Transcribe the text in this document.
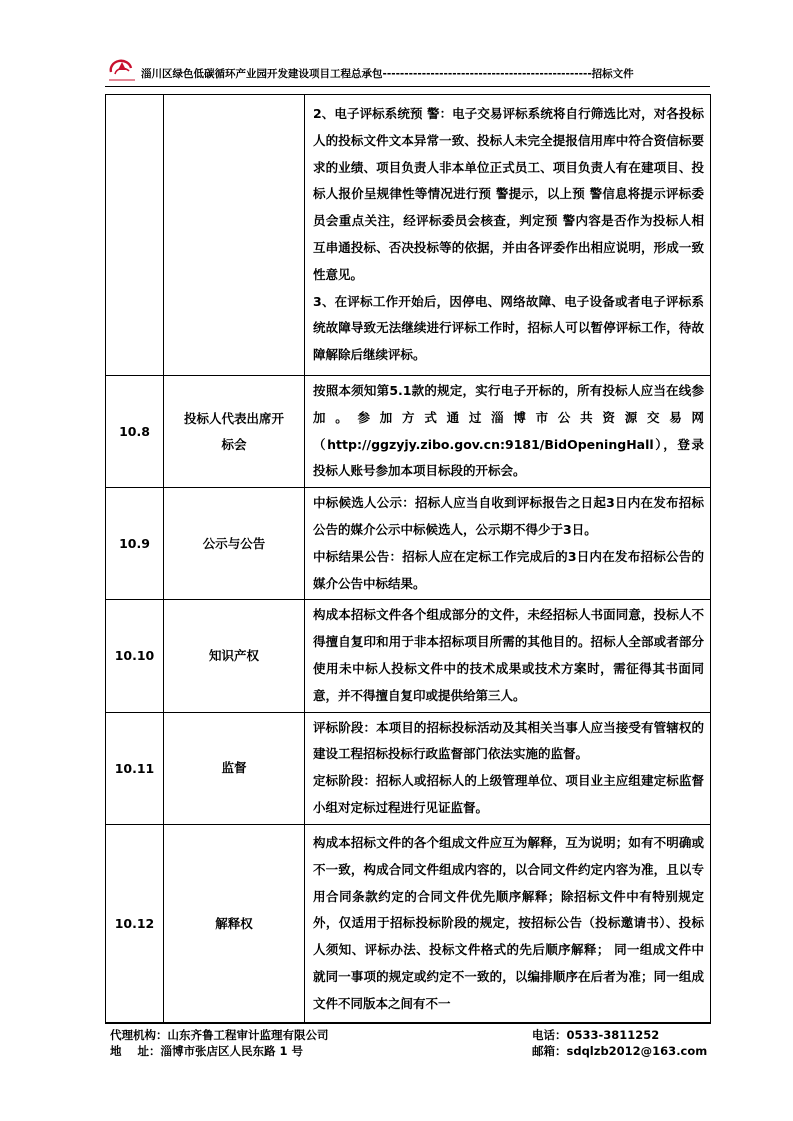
淄川区绿色低碳循环产业园开发建设项目工程总承包------------------------------------------------招标文件

		2、电子评标系统预 警：电子交易评标系统将自行筛选比对，对各投标人的投标文件文本异常一致、投标人未完全提报信用库中符合资信标要求的业绩、项目负责人非本单位正式员工、项目负责人有在建项目、投标人报价呈规律性等情况进行预 警提示，以上预 警信息将提示评标委员会重点关注，经评标委员会核查，判定预 警内容是否作为投标人相互串通投标、否决投标等的依据，并由各评委作出相应说明，形成一致性意见。

3、在评标工作开始后，因停电、网络故障、电子设备或者电子评标系统故障导致无法继续进行评标工作时，招标人可以暂停评标工作，待故障解除后继续评标。

10.8	投标人代表出席开标会	按照本须知第5.1款的规定，实行电子开标的，所有投标人应当在线参加。参加方式通过淄博市公共资源交易网（http://ggzyjy.zibo.gov.cn:9181/BidOpeningHall），登录投标人账号参加本项目标段的开标会。

10.9	公示与公告	中标候选人公示：招标人应当自收到评标报告之日起3日内在发布招标公告的媒介公示中标候选人，公示期不得少于3日。

中标结果公告：招标人应在定标工作完成后的3日内在发布招标公告的媒介公告中标结果。

10.10	知识产权	构成本招标文件各个组成部分的文件，未经招标人书面同意，投标人不得擅自复印和用于非本招标项目所需的其他目的。招标人全部或者部分使用未中标人投标文件中的技术成果或技术方案时，需征得其书面同意，并不得擅自复印或提供给第三人。

10.11	监督	评标阶段：本项目的招标投标活动及其相关当事人应当接受有管辖权的建设工程招标投标行政监督部门依法实施的监督。

定标阶段：招标人或招标人的上级管理单位、项目业主应组建定标监督小组对定标过程进行见证监督。

10.12	解释权	构成本招标文件的各个组成文件应互为解释，互为说明；如有不明确或不一致，构成合同文件组成内容的，以合同文件约定内容为准，且以专用合同条款约定的合同文件优先顺序解释；除招标文件中有特别规定外，仅适用于招标投标阶段的规定，按招标公告（投标邀请书）、投标人须知、评标办法、投标文件格式的先后顺序解释； 同一组成文件中就同一事项的规定或约定不一致的，以编排顺序在后者为准；同一组成文件不同版本之间有不一

代理机构：山东齐鲁工程审计监理有限公司	电话：0533-3811252
地    址：淄博市张店区人民东路 1 号	邮箱：sdqlzb2012@163.com
